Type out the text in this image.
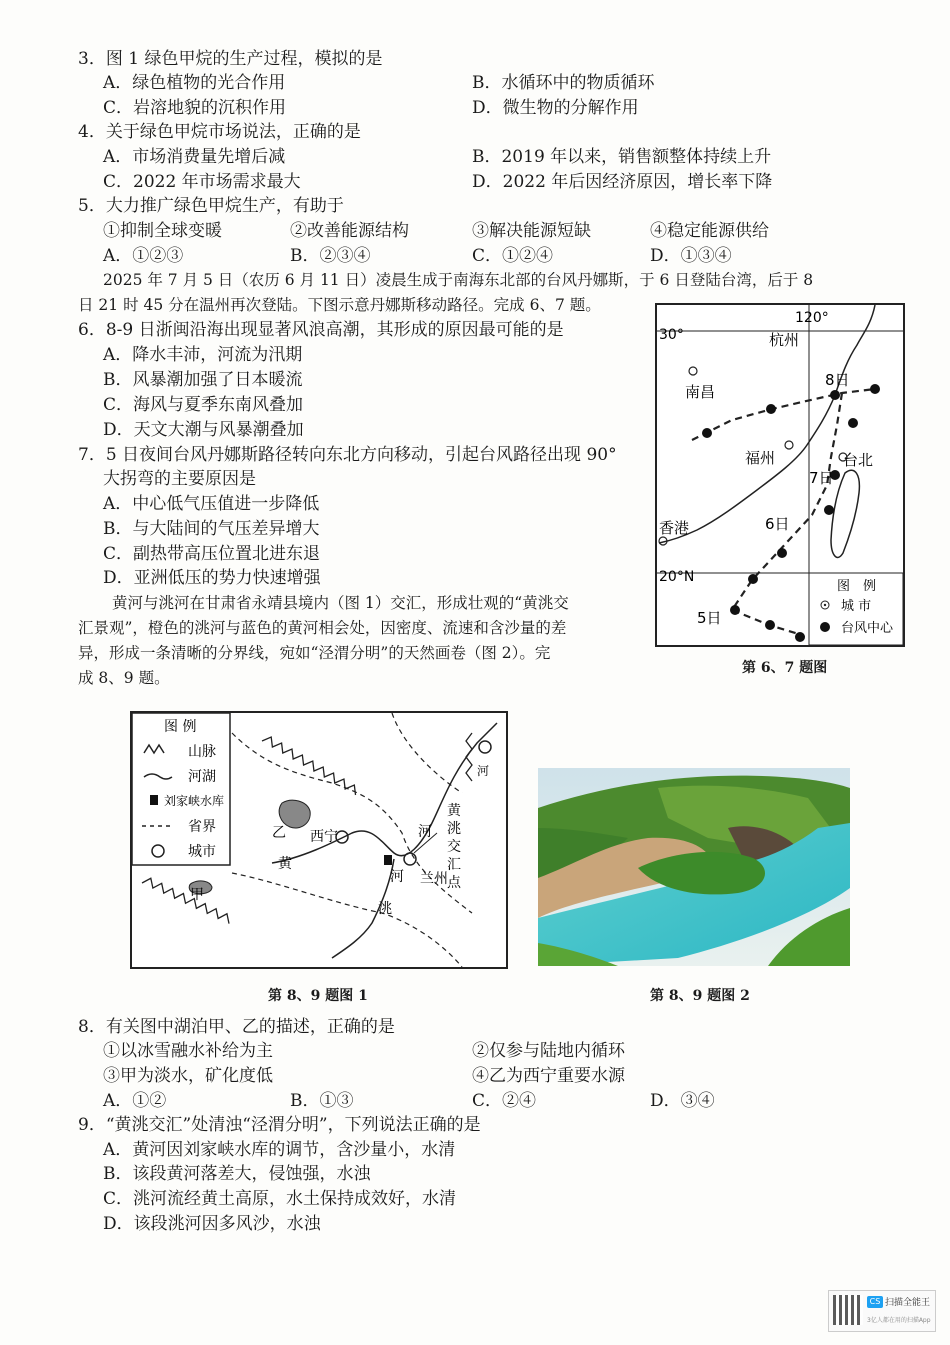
3．图 1 绿色甲烷的生产过程，模拟的是
A．绿色植物的光合作用	B．水循环中的物质循环
C．岩溶地貌的沉积作用	D．微生物的分解作用
4．关于绿色甲烷市场说法，正确的是
A．市场消费量先增后减	B．2019 年以来，销售额整体持续上升
C．2022 年市场需求最大	D．2022 年后因经济原因，增长率下降
5．大力推广绿色甲烷生产，有助于
①抑制全球变暖	②改善能源结构	③解决能源短缺	④稳定能源供给
A．①②③	B．②③④	C．①②④	D．①③④
2025 年 7 月 5 日（农历 6 月 11 日）凌晨生成于南海东北部的台风丹娜斯，于 6 日登陆台湾，后于 8
日 21 时 45 分在温州再次登陆。下图示意丹娜斯移动路径。完成 6、7 题。
6．8-9 日浙闽沿海出现显著风浪高潮，其形成的原因最可能的是
A．降水丰沛，河流为汛期
B．风暴潮加强了日本暖流
C．海风与夏季东南风叠加
D．天文大潮与风暴潮叠加
7．5 日夜间台风丹娜斯路径转向东北方向移动，引起台风路径出现 90°
大拐弯的主要原因是
A．中心低气压值进一步降低
B．与大陆间的气压差异增大
C．副热带高压位置北进东退
D．亚洲低压的势力快速增强
黄河与洮河在甘肃省永靖县境内（图 1）交汇，形成壮观的“黄洮交
汇景观”，橙色的洮河与蓝色的黄河相会处，因密度、流速和含沙量的差
异，形成一条清晰的分界线，宛如“泾渭分明”的天然画卷（图 2）。完
成 8、9 题。
30°
20°N
120°
杭州
南昌
福州	台北
香港
8日
7日
6日
5日
图　例
城 市
台风中心
第 6、7 题图
图 例
山脉
河湖
刘家峡水库
省界
城市
乙 西宁
黄
河
河
兰州
洮
甲
黄
洮
交
汇
点
河
第 8、9 题图 1	第 8、9 题图 2
8．有关图中湖泊甲、乙的描述，正确的是
①以冰雪融水补给为主	②仅参与陆地内循环
③甲为淡水，矿化度低	④乙为西宁重要水源
A．①②	B．①③	C．②④	D．③④
9．“黄洮交汇”处清浊“泾渭分明”，下列说法正确的是
A．黄河因刘家峡水库的调节，含沙量小，水清
B．该段黄河落差大，侵蚀强，水浊
C．洮河流经黄土高原，水土保持成效好，水清
D．该段洮河因多风沙，水浊
CS 扫描全能王
3亿人都在用的扫描App
